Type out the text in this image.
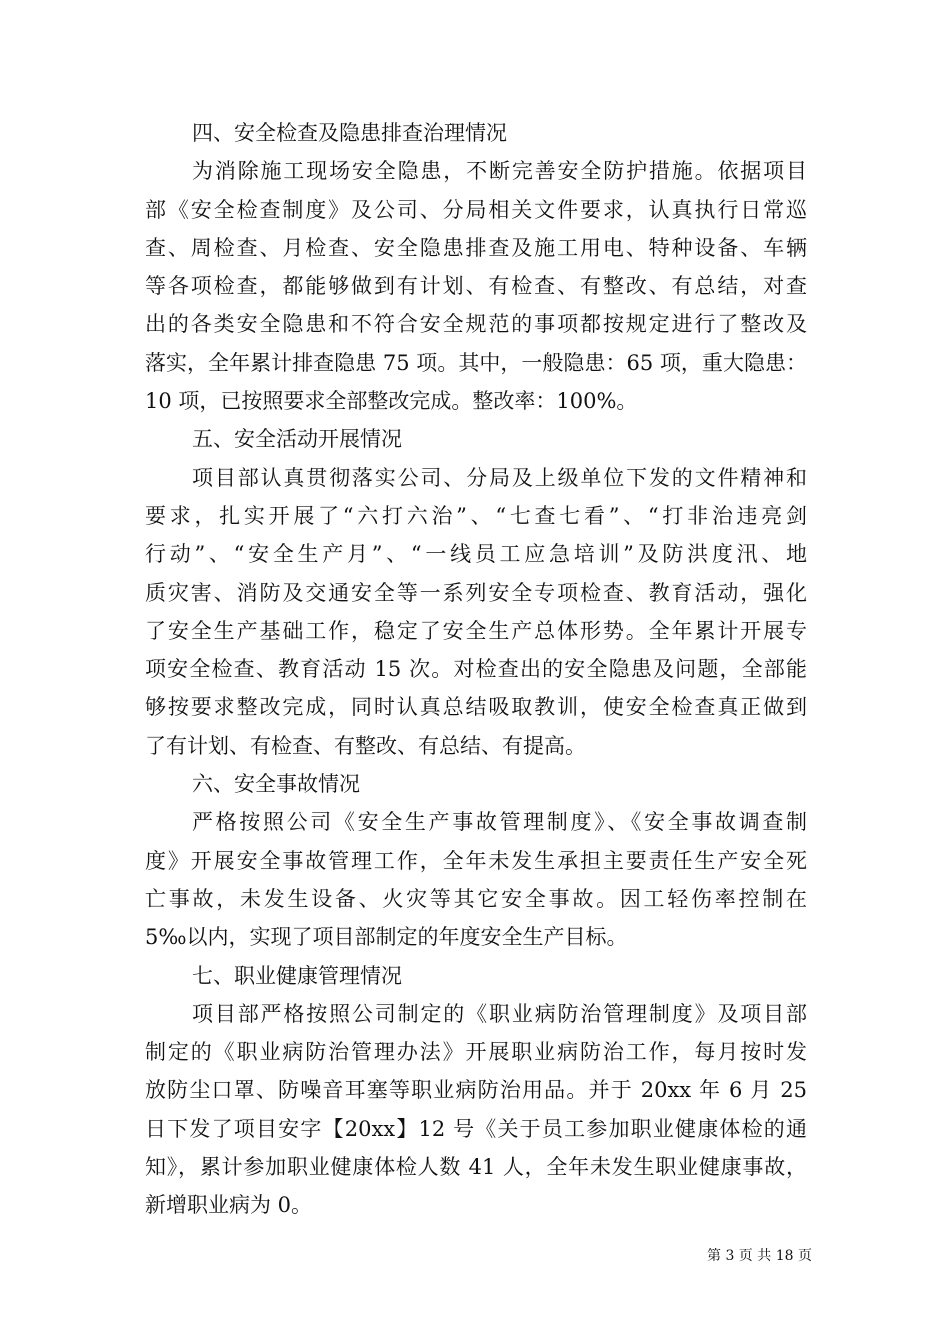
四、安全检查及隐患排查治理情况
为消除施工现场安全隐患，不断完善安全防护措施。依据项目
部《安全检查制度》及公司、分局相关文件要求，认真执行日常巡
查、周检查、月检查、安全隐患排查及施工用电、特种设备、车辆
等各项检查，都能够做到有计划、有检查、有整改、有总结，对查
出的各类安全隐患和不符合安全规范的事项都按规定进行了整改及
落实，全年累计排查隐患 75 项。其中，一般隐患：65 项，重大隐患：
10 项，已按照要求全部整改完成。整改率：100%。
五、安全活动开展情况
项目部认真贯彻落实公司、分局及上级单位下发的文件精神和
要求，扎实开展了“六打六治”、“七查七看”、“打非治违亮剑
行动”、“安全生产月”、“一线员工应急培训”及防洪度汛、地
质灾害、消防及交通安全等一系列安全专项检查、教育活动，强化
了安全生产基础工作，稳定了安全生产总体形势。全年累计开展专
项安全检查、教育活动 15 次。对检查出的安全隐患及问题，全部能
够按要求整改完成，同时认真总结吸取教训，使安全检查真正做到
了有计划、有检查、有整改、有总结、有提高。
六、安全事故情况
严格按照公司《安全生产事故管理制度》、《安全事故调查制
度》开展安全事故管理工作，全年未发生承担主要责任生产安全死
亡事故，未发生设备、火灾等其它安全事故。因工轻伤率控制在
5‰以内，实现了项目部制定的年度安全生产目标。
七、职业健康管理情况
项目部严格按照公司制定的《职业病防治管理制度》及项目部
制定的《职业病防治管理办法》开展职业病防治工作，每月按时发
放防尘口罩、防噪音耳塞等职业病防治用品。并于 20xx 年 6 月 25
日下发了项目安字【20xx】12 号《关于员工参加职业健康体检的通
知》，累计参加职业健康体检人数 41 人，全年未发生职业健康事故，
新增职业病为 0。
第 3 页 共 18 页
